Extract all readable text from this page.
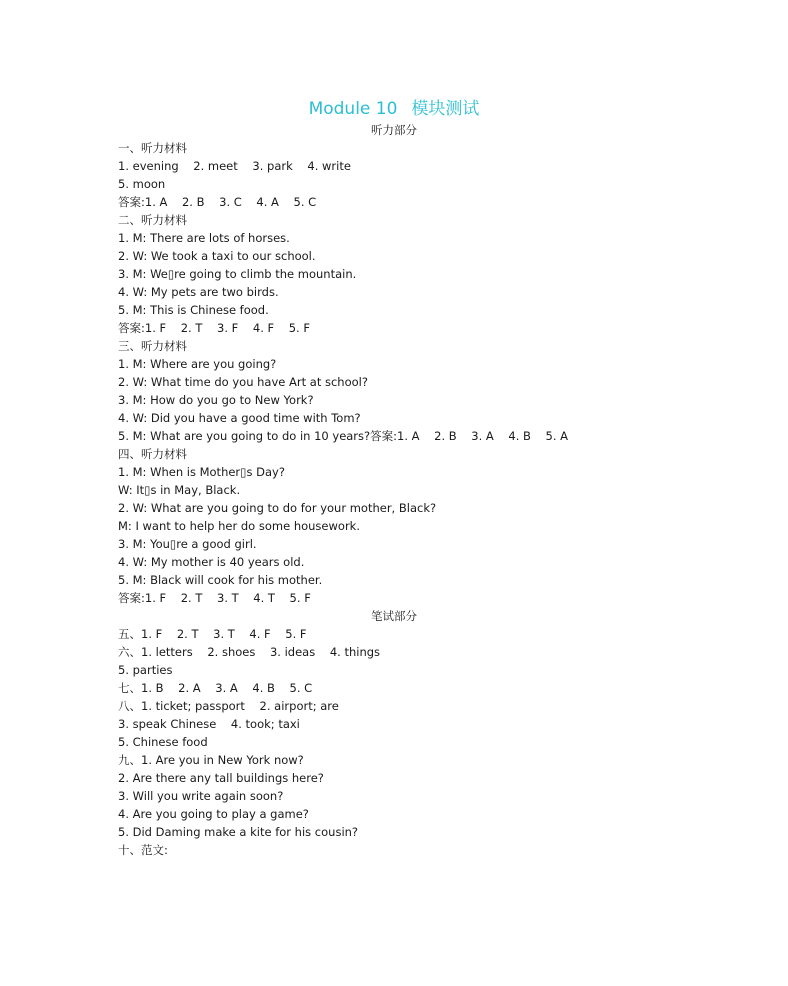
Module 10 模块测试
听力部分
一、听力材料
1. evening    2. meet    3. park    4. write
5. moon
答案:1. A    2. B    3. C    4. A    5. C
二、听力材料
1. M: There are lots of horses.
2. W: We took a taxi to our school.
3. M: We▯re going to climb the mountain.
4. W: My pets are two birds.
5. M: This is Chinese food.
答案:1. F    2. T    3. F    4. F    5. F
三、听力材料
1. M: Where are you going?
2. W: What time do you have Art at school?
3. M: How do you go to New York?
4. W: Did you have a good time with Tom?
5. M: What are you going to do in 10 years?答案:1. A    2. B    3. A    4. B    5. A
四、听力材料
1. M: When is Mother▯s Day?
W: It▯s in May, Black.
2. W: What are you going to do for your mother, Black?
M: I want to help her do some housework.
3. M: You▯re a good girl.
4. W: My mother is 40 years old.
5. M: Black will cook for his mother.
答案:1. F    2. T    3. T    4. T    5. F
笔试部分
五、1. F    2. T    3. T    4. F    5. F
六、1. letters    2. shoes    3. ideas    4. things
5. parties
七、1. B    2. A    3. A    4. B    5. C
八、1. ticket; passport    2. airport; are
3. speak Chinese    4. took; taxi
5. Chinese food
九、1. Are you in New York now?
2. Are there any tall buildings here?
3. Will you write again soon?
4. Are you going to play a game?
5. Did Daming make a kite for his cousin?
十、范文:
